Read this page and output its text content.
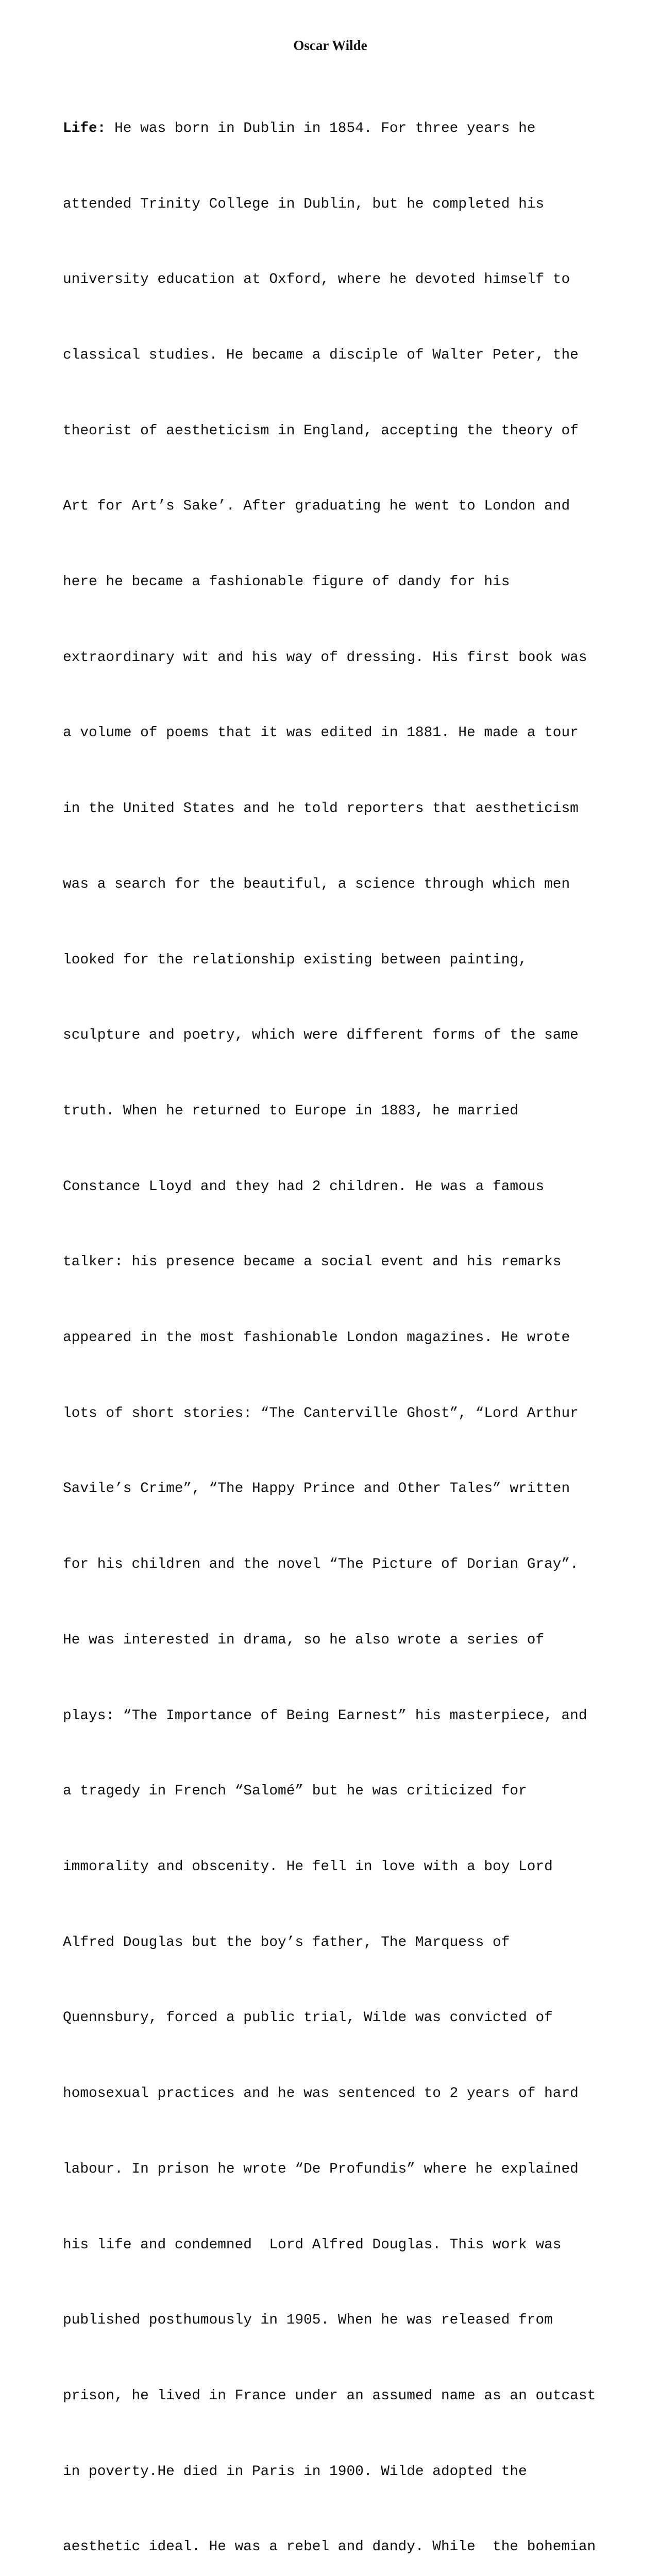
Oscar Wilde

Life: He was born in Dublin in 1854. For three years he

attended Trinity College in Dublin, but he completed his

university education at Oxford, where he devoted himself to

classical studies. He became a disciple of Walter Peter, the

theorist of aestheticism in England, accepting the theory of

Art for Art’s Sake’. After graduating he went to London and

here he became a fashionable figure of dandy for his

extraordinary wit and his way of dressing. His first book was

a volume of poems that it was edited in 1881. He made a tour

in the United States and he told reporters that aestheticism

was a search for the beautiful, a science through which men

looked for the relationship existing between painting,

sculpture and poetry, which were different forms of the same

truth. When he returned to Europe in 1883, he married

Constance Lloyd and they had 2 children. He was a famous

talker: his presence became a social event and his remarks

appeared in the most fashionable London magazines. He wrote

lots of short stories: “The Canterville Ghost”, “Lord Arthur

Savile’s Crime”, “The Happy Prince and Other Tales” written

for his children and the novel “The Picture of Dorian Gray”.

He was interested in drama, so he also wrote a series of

plays: “The Importance of Being Earnest” his masterpiece, and

a tragedy in French “Salomé” but he was criticized for

immorality and obscenity. He fell in love with a boy Lord

Alfred Douglas but the boy’s father, The Marquess of

Quennsbury, forced a public trial, Wilde was convicted of

homosexual practices and he was sentenced to 2 years of hard

labour. In prison he wrote “De Profundis” where he explained

his life and condemned  Lord Alfred Douglas. This work was

published posthumously in 1905. When he was released from

prison, he lived in France under an assumed name as an outcast

in poverty.He died in Paris in 1900. Wilde adopted the

aesthetic ideal. He was a rebel and dandy. While  the bohemian
